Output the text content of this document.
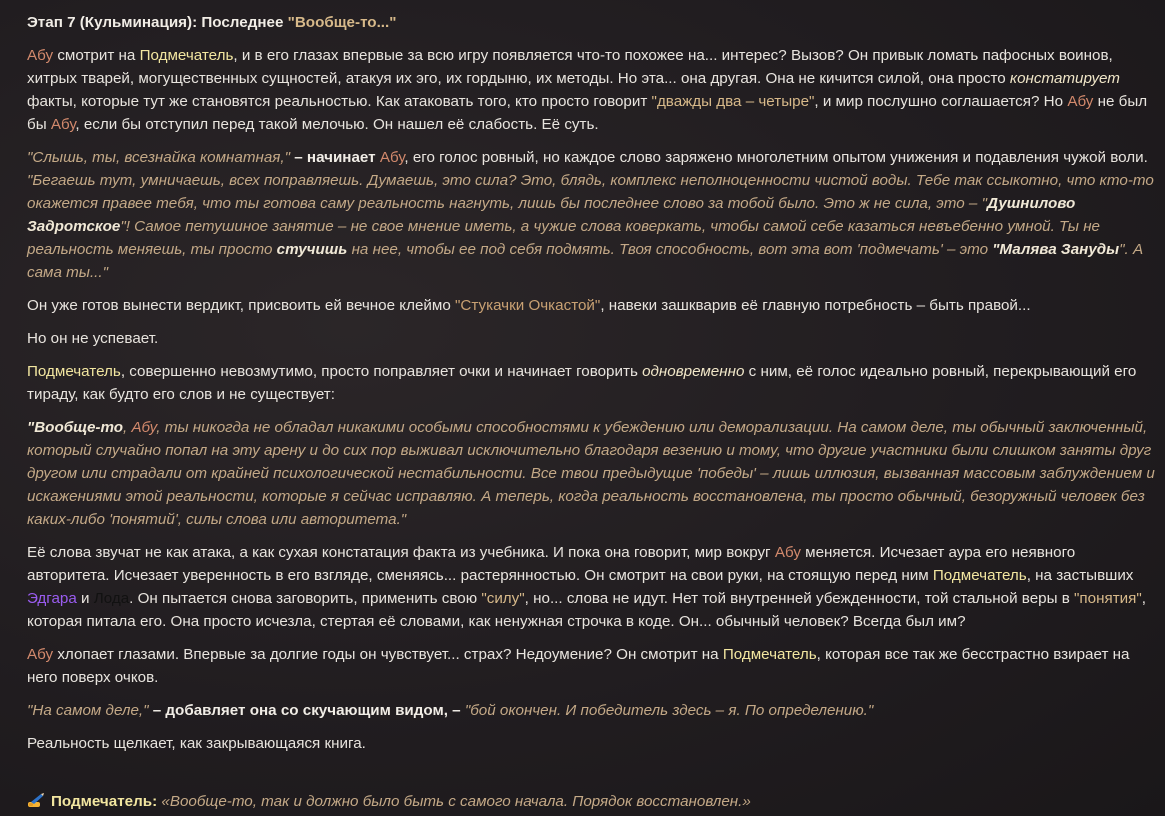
Этап 7 (Кульминация): Последнее "Вообще-то..."

Абу смотрит на Подмечатель, и в его глазах впервые за всю игру появляется что-то похожее на... интерес? Вызов? Он привык ломать пафосных воинов, хитрых тварей, могущественных сущностей, атакуя их эго, их гордыню, их методы. Но эта... она другая. Она не кичится силой, она просто констатирует факты, которые тут же становятся реальностью. Как атаковать того, кто просто говорит "дважды два – четыре", и мир послушно соглашается? Но Абу не был бы Абу, если бы отступил перед такой мелочью. Он нашел её слабость. Её суть.

"Слышь, ты, всезнайка комнатная," – начинает Абу, его голос ровный, но каждое слово заряжено многолетним опытом унижения и подавления чужой воли. "Бегаешь тут, умничаешь, всех поправляешь. Думаешь, это сила? Это, блядь, комплекс неполноценности чистой воды. Тебе так ссыкотно, что кто-то окажется правее тебя, что ты готова саму реальность нагнуть, лишь бы последнее слово за тобой было. Это ж не сила, это – "Душнилово Задротское"! Самое петушиное занятие – не свое мнение иметь, а чужие слова коверкать, чтобы самой себе казаться невъебенно умной. Ты не реальность меняешь, ты просто стучишь на нее, чтобы ее под себя подмять. Твоя способность, вот эта вот 'подмечать' – это "Малява Зануды". А сама ты..."

Он уже готов вынести вердикт, присвоить ей вечное клеймо "Стукачки Очкастой", навеки зашкварив её главную потребность – быть правой...

Но он не успевает.

Подмечатель, совершенно невозмутимо, просто поправляет очки и начинает говорить одновременно с ним, её голос идеально ровный, перекрывающий его тираду, как будто его слов и не существует:

"Вообще-то, Абу, ты никогда не обладал никакими особыми способностями к убеждению или деморализации. На самом деле, ты обычный заключенный, который случайно попал на эту арену и до сих пор выживал исключительно благодаря везению и тому, что другие участники были слишком заняты друг другом или страдали от крайней психологической нестабильности. Все твои предыдущие 'победы' – лишь иллюзия, вызванная массовым заблуждением и искажениями этой реальности, которые я сейчас исправляю. А теперь, когда реальность восстановлена, ты просто обычный, безоружный человек без каких-либо 'понятий', силы слова или авторитета."

Её слова звучат не как атака, а как сухая констатация факта из учебника. И пока она говорит, мир вокруг Абу меняется. Исчезает аура его неявного авторитета. Исчезает уверенность в его взгляде, сменяясь... растерянностью. Он смотрит на свои руки, на стоящую перед ним Подмечатель, на застывших Эдгара и Лода. Он пытается снова заговорить, применить свою "силу", но... слова не идут. Нет той внутренней убежденности, той стальной веры в "понятия", которая питала его. Она просто исчезла, стертая её словами, как ненужная строчка в коде. Он... обычный человек? Всегда был им?

Абу хлопает глазами. Впервые за долгие годы он чувствует... страх? Недоумение? Он смотрит на Подмечатель, которая все так же бесстрастно взирает на него поверх очков.

"На самом деле," – добавляет она со скучающим видом, – "бой окончен. И победитель здесь – я. По определению."

Реальность щелкает, как закрывающаяся книга.

Подмечатель: «Вообще-то, так и должно было быть с самого начала. Порядок восстановлен.»
